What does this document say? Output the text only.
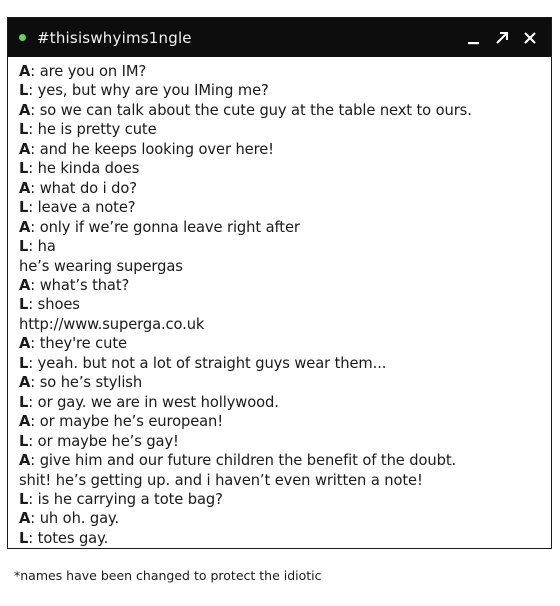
#thisiswhyims1ngle
A: are you on IM?
L: yes, but why are you IMing me?
A: so we can talk about the cute guy at the table next to ours.
L: he is pretty cute
A: and he keeps looking over here!
L: he kinda does
A: what do i do?
L: leave a note?
A: only if we’re gonna leave right after
L: ha
he’s wearing supergas
A: what’s that?
L: shoes
http://www.superga.co.uk
A: they're cute
L: yeah. but not a lot of straight guys wear them...
A: so he’s stylish
L: or gay. we are in west hollywood.
A: or maybe he’s european!
L: or maybe he’s gay!
A: give him and our future children the benefit of the doubt.
shit! he’s getting up. and i haven’t even written a note!
L: is he carrying a tote bag?
A: uh oh. gay.
L: totes gay.
*names have been changed to protect the idiotic
